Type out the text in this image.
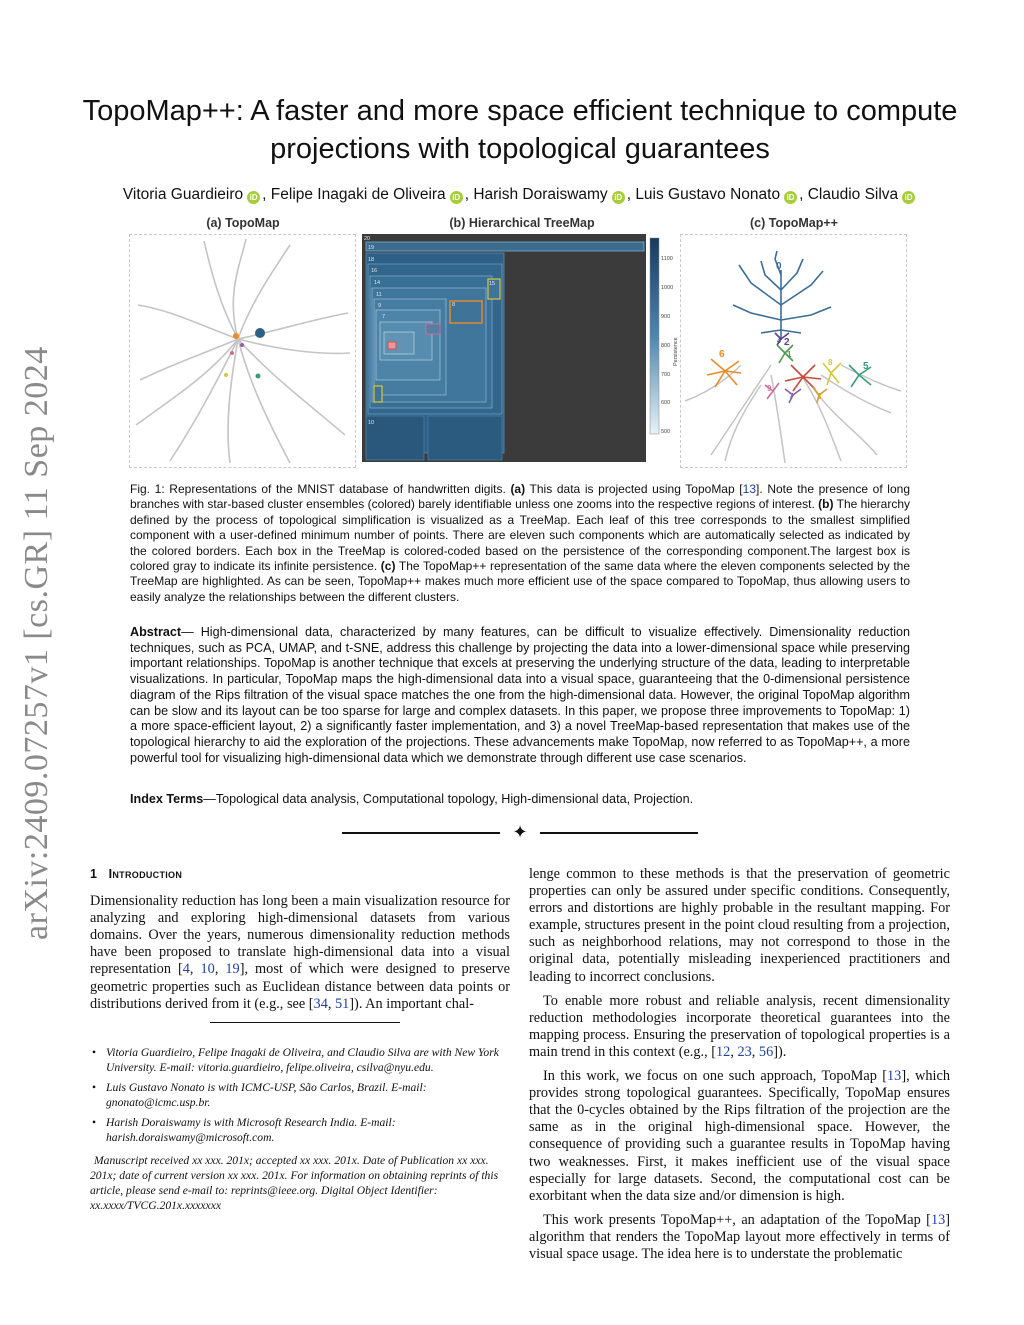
arXiv:2409.07257v1 [cs.GR] 11 Sep 2024
TopoMap++: A faster and more space efficient technique to compute projections with topological guarantees
Vitoria Guardieiro iD , Felipe Inagaki de Oliveira iD , Harish Doraiswamy iD , Luis Gustavo Nonato iD , Claudio Silva iD
(a) TopoMap	(b) Hierarchical TreeMap	(c) TopoMap++
20
19
18
16
14
11
9
7
10
15
8
1100
1000
900
800
700
600
500
Persistence
0
2
4
1
6
8	5
9
7	3
Fig. 1: Representations of the MNIST database of handwritten digits. (a) This data is projected using TopoMap [13]. Note the presence of long branches with star-based cluster ensembles (colored) barely identifiable unless one zooms into the respective regions of interest. (b) The hierarchy defined by the process of topological simplification is visualized as a TreeMap. Each leaf of this tree corresponds to the smallest simplified component with a user-defined minimum number of points. There are eleven such components which are automatically selected as indicated by the colored borders. Each box in the TreeMap is colored-coded based on the persistence of the corresponding component.The largest box is colored gray to indicate its infinite persistence. (c) The TopoMap++ representation of the same data where the eleven components selected by the TreeMap are highlighted. As can be seen, TopoMap++ makes much more efficient use of the space compared to TopoMap, thus allowing users to easily analyze the relationships between the different clusters.
Abstract— High-dimensional data, characterized by many features, can be difficult to visualize effectively. Dimensionality reduction techniques, such as PCA, UMAP, and t-SNE, address this challenge by projecting the data into a lower-dimensional space while preserving important relationships. TopoMap is another technique that excels at preserving the underlying structure of the data, leading to interpretable visualizations. In particular, TopoMap maps the high-dimensional data into a visual space, guaranteeing that the 0-dimensional persistence diagram of the Rips filtration of the visual space matches the one from the high-dimensional data. However, the original TopoMap algorithm can be slow and its layout can be too sparse for large and complex datasets. In this paper, we propose three improvements to TopoMap: 1) a more space-efficient layout, 2) a significantly faster implementation, and 3) a novel TreeMap-based representation that makes use of the topological hierarchy to aid the exploration of the projections. These advancements make TopoMap, now referred to as TopoMap++, a more powerful tool for visualizing high-dimensional data which we demonstrate through different use case scenarios.
Index Terms—Topological data analysis, Computational topology, High-dimensional data, Projection.
✦
1 Introduction

Dimensionality reduction has long been a main visualization resource for analyzing and exploring high-dimensional datasets from various domains. Over the years, numerous dimensionality reduction methods have been proposed to translate high-dimensional data into a visual representation [4, 10, 19], most of which were designed to preserve geometric properties such as Euclidean distance between data points or distributions derived from it (e.g., see [34, 51]). An important chal-

• Vitoria Guardieiro, Felipe Inagaki de Oliveira, and Claudio Silva are with New York University. E-mail: vitoria.guardieiro, felipe.oliveira, csilva@nyu.edu.
• Luis Gustavo Nonato is with ICMC-USP, São Carlos, Brazil. E-mail: gnonato@icmc.usp.br.
• Harish Doraiswamy is with Microsoft Research India. E-mail: harish.doraiswamy@microsoft.com.
Manuscript received xx xxx. 201x; accepted xx xxx. 201x. Date of Publication xx xxx. 201x; date of current version xx xxx. 201x. For information on obtaining reprints of this article, please send e-mail to: reprints@ieee.org. Digital Object Identifier: xx.xxxx/TVCG.201x.xxxxxxx

lenge common to these methods is that the preservation of geometric properties can only be assured under specific conditions. Consequently, errors and distortions are highly probable in the resultant mapping. For example, structures present in the point cloud resulting from a projection, such as neighborhood relations, may not correspond to those in the original data, potentially misleading inexperienced practitioners and leading to incorrect conclusions.

To enable more robust and reliable analysis, recent dimensionality reduction methodologies incorporate theoretical guarantees into the mapping process. Ensuring the preservation of topological properties is a main trend in this context (e.g., [12, 23, 56]).

In this work, we focus on one such approach, TopoMap [13], which provides strong topological guarantees. Specifically, TopoMap ensures that the 0-cycles obtained by the Rips filtration of the projection are the same as in the original high-dimensional space. However, the consequence of providing such a guarantee results in TopoMap having two weaknesses. First, it makes inefficient use of the visual space especially for large datasets. Second, the computational cost can be exorbitant when the data size and/or dimension is high.

This work presents TopoMap++, an adaptation of the TopoMap [13] algorithm that renders the TopoMap layout more effectively in terms of visual space usage. The idea here is to understate the problematic
